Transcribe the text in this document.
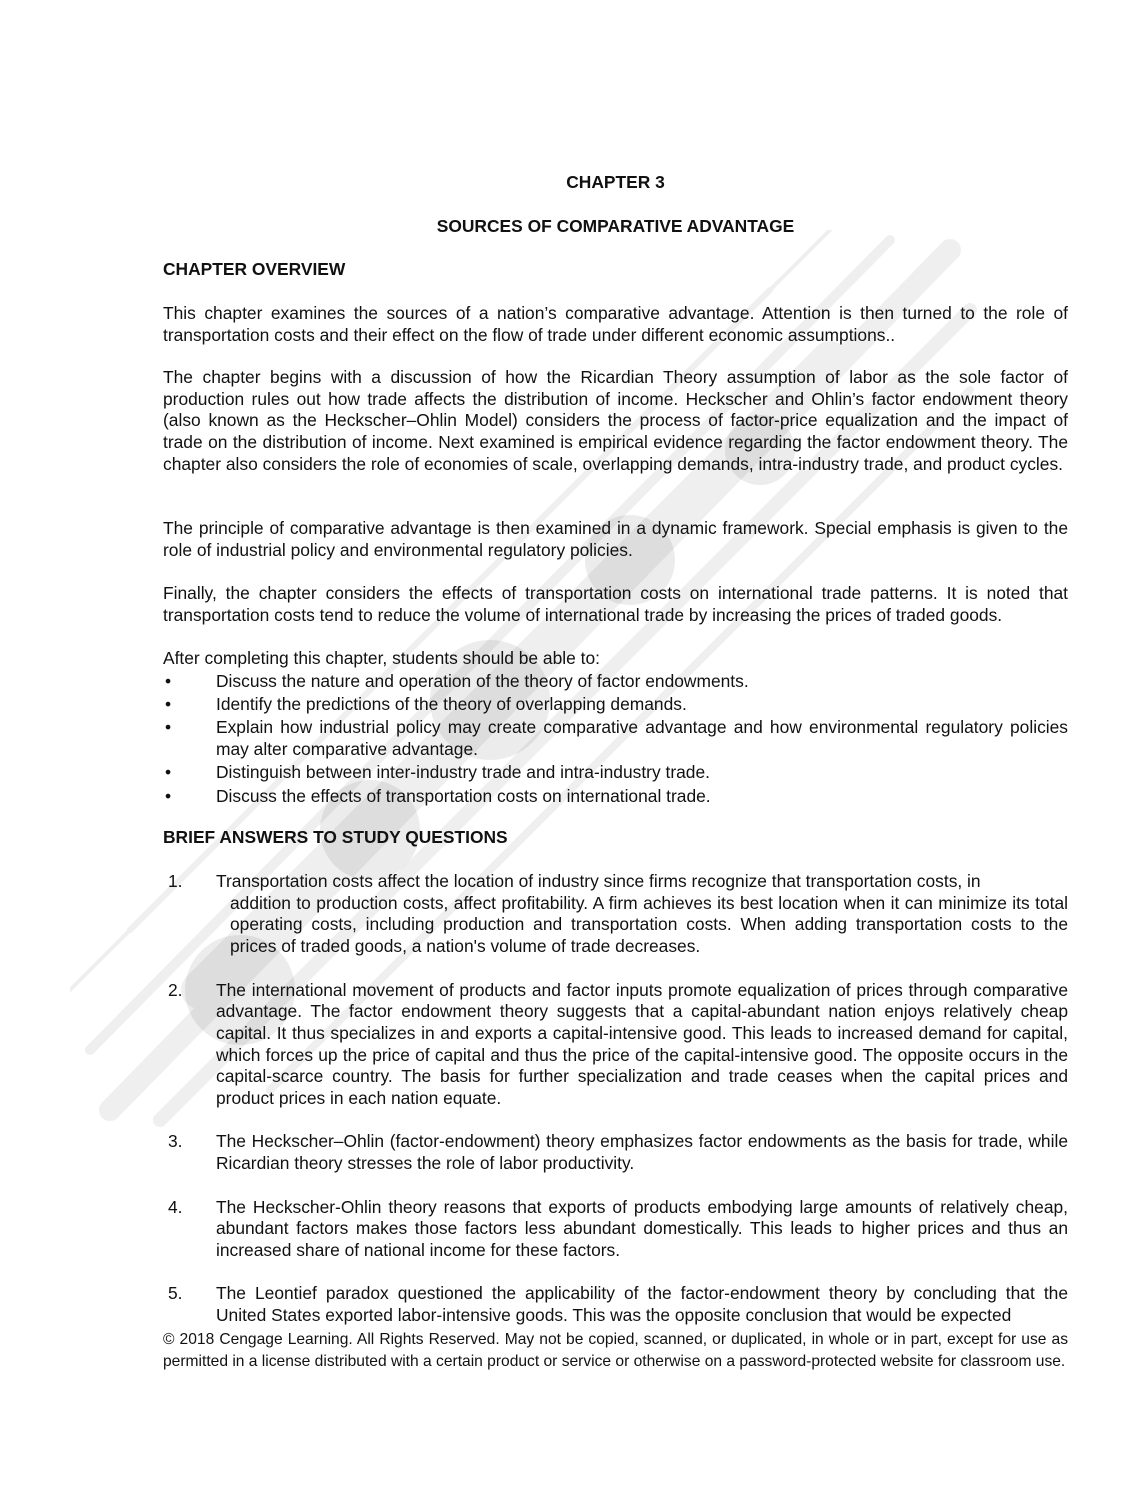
CHAPTER 3
SOURCES OF COMPARATIVE ADVANTAGE
CHAPTER OVERVIEW
This chapter examines the sources of a nation’s comparative advantage. Attention is then turned to the role of transportation costs and their effect on the flow of trade under different economic assumptions..
The chapter begins with a discussion of how the Ricardian Theory assumption of labor as the sole factor of production rules out how trade affects the distribution of income. Heckscher and Ohlin’s factor endowment theory (also known as the Heckscher–Ohlin Model) considers the process of factor-price equalization and the impact of trade on the distribution of income. Next examined is empirical evidence regarding the factor endowment theory. The chapter also considers the role of economies of scale, overlapping demands, intra-industry trade, and product cycles.
The principle of comparative advantage is then examined in a dynamic framework. Special emphasis is given to the role of industrial policy and environmental regulatory policies.
Finally, the chapter considers the effects of transportation costs on international trade patterns. It is noted that transportation costs tend to reduce the volume of international trade by increasing the prices of traded goods.
After completing this chapter, students should be able to:
•	Discuss the nature and operation of the theory of factor endowments.
•	Identify the predictions of the theory of overlapping demands.
•	Explain how industrial policy may create comparative advantage and how environmental regulatory policies may alter comparative advantage.
•	Distinguish between inter-industry trade and intra-industry trade.
•	Discuss the effects of transportation costs on international trade.
BRIEF ANSWERS TO STUDY QUESTIONS
1. Transportation costs affect the location of industry since firms recognize that transportation costs, in
addition to production costs, affect profitability. A firm achieves its best location when it can minimize its total operating costs, including production and transportation costs. When adding transportation costs to the prices of traded goods, a nation's volume of trade decreases.
2. The international movement of products and factor inputs promote equalization of prices through comparative advantage. The factor endowment theory suggests that a capital-abundant nation enjoys relatively cheap capital. It thus specializes in and exports a capital-intensive good. This leads to increased demand for capital, which forces up the price of capital and thus the price of the capital-intensive good. The opposite occurs in the capital-scarce country. The basis for further specialization and trade ceases when the capital prices and product prices in each nation equate.
3. The Heckscher–Ohlin (factor-endowment) theory emphasizes factor endowments as the basis for trade, while Ricardian theory stresses the role of labor productivity.
4. The Heckscher-Ohlin theory reasons that exports of products embodying large amounts of relatively cheap, abundant factors makes those factors less abundant domestically. This leads to higher prices and thus an increased share of national income for these factors.
5. The Leontief paradox questioned the applicability of the factor-endowment theory by concluding that the United States exported labor-intensive goods. This was the opposite conclusion that would be expected
© 2018 Cengage Learning. All Rights Reserved. May not be copied, scanned, or duplicated, in whole or in part, except for use as permitted in a license distributed with a certain product or service or otherwise on a password-protected website for classroom use.
